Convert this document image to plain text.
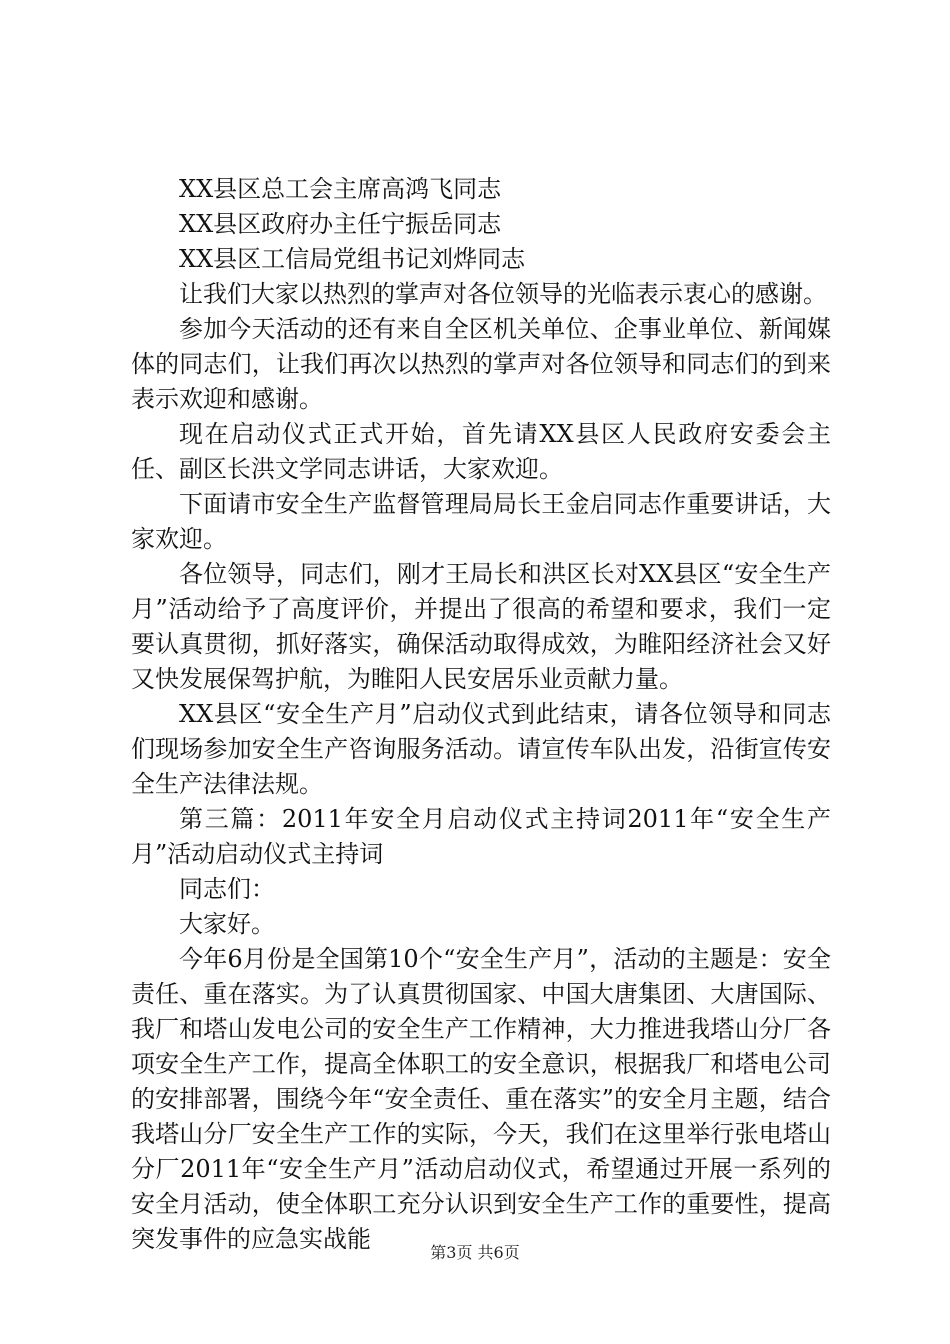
XX县区总工会主席高鸿飞同志

XX县区政府办主任宁振岳同志

XX县区工信局党组书记刘烨同志

让我们大家以热烈的掌声对各位领导的光临表示衷心的感谢。

参加今天活动的还有来自全区机关单位、企事业单位、新闻媒体的同志们，让我们再次以热烈的掌声对各位领导和同志们的到来表示欢迎和感谢。

现在启动仪式正式开始，首先请XX县区人民政府安委会主任、副区长洪文学同志讲话，大家欢迎。

下面请市安全生产监督管理局局长王金启同志作重要讲话，大家欢迎。

各位领导，同志们，刚才王局长和洪区长对XX县区“安全生产月”活动给予了高度评价，并提出了很高的希望和要求，我们一定要认真贯彻，抓好落实，确保活动取得成效，为睢阳经济社会又好又快发展保驾护航，为睢阳人民安居乐业贡献力量。

XX县区“安全生产月”启动仪式到此结束，请各位领导和同志们现场参加安全生产咨询服务活动。请宣传车队出发，沿街宣传安全生产法律法规。

第三篇：2011年安全月启动仪式主持词2011年“安全生产月”活动启动仪式主持词

同志们：

大家好。

今年6月份是全国第10个“安全生产月”，活动的主题是：安全责任、重在落实。为了认真贯彻国家、中国大唐集团、大唐国际、我厂和塔山发电公司的安全生产工作精神，大力推进我塔山分厂各项安全生产工作，提高全体职工的安全意识，根据我厂和塔电公司的安排部署，围绕今年“安全责任、重在落实”的安全月主题，结合我塔山分厂安全生产工作的实际，今天，我们在这里举行张电塔山分厂2011年“安全生产月”活动启动仪式，希望通过开展一系列的安全月活动，使全体职工充分认识到安全生产工作的重要性，提高突发事件的应急实战能	第3页 共6页
